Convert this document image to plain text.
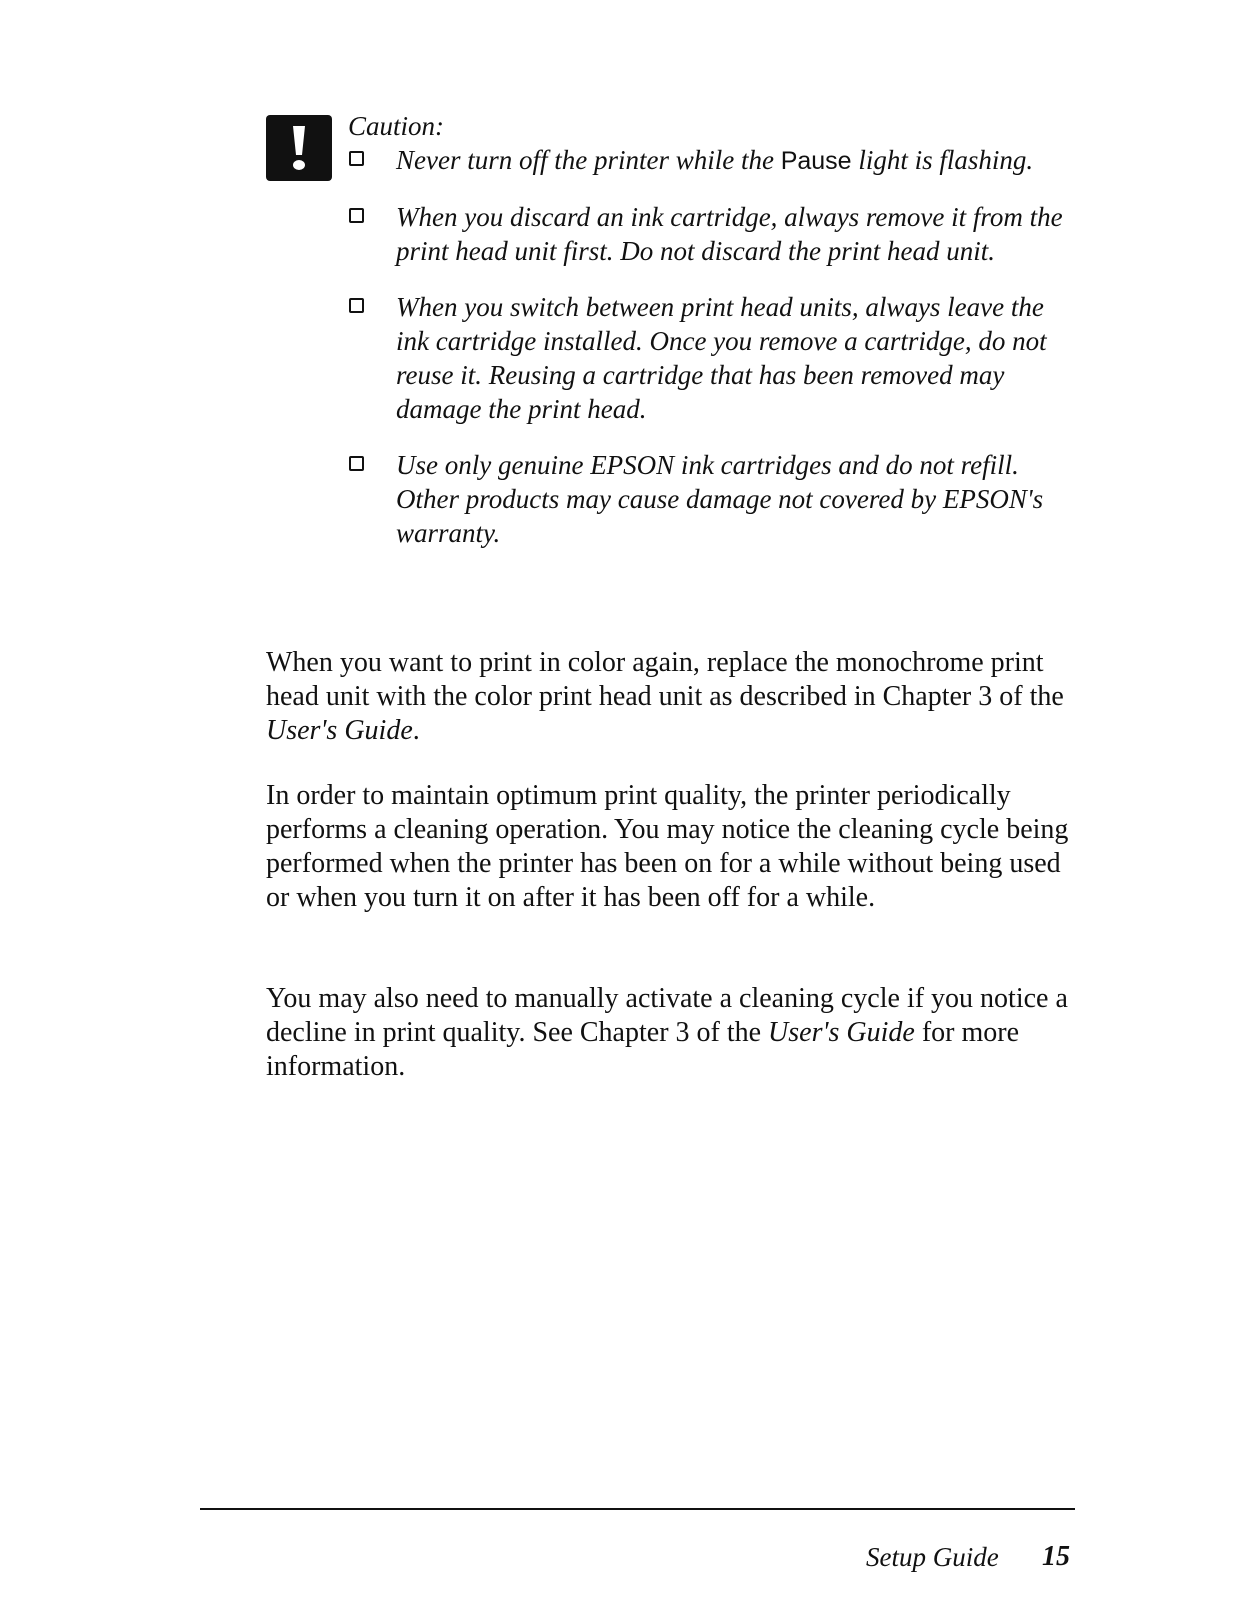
Caution:
Never turn off the printer while the Pause light is flashing.
When you discard an ink cartridge, always remove it from the print head unit first. Do not discard the print head unit.
When you switch between print head units, always leave the ink cartridge installed. Once you remove a cartridge, do not reuse it. Reusing a cartridge that has been removed may damage the print head.
Use only genuine EPSON ink cartridges and do not refill. Other products may cause damage not covered by EPSON's warranty.

When you want to print in color again, replace the monochrome print head unit with the color print head unit as described in Chapter 3 of the User's Guide.

In order to maintain optimum print quality, the printer periodically performs a cleaning operation. You may notice the cleaning cycle being performed when the printer has been on for a while without being used or when you turn it on after it has been off for a while.

You may also need to manually activate a cleaning cycle if you notice a decline in print quality. See Chapter 3 of the User's Guide for more information.

Setup Guide 15
